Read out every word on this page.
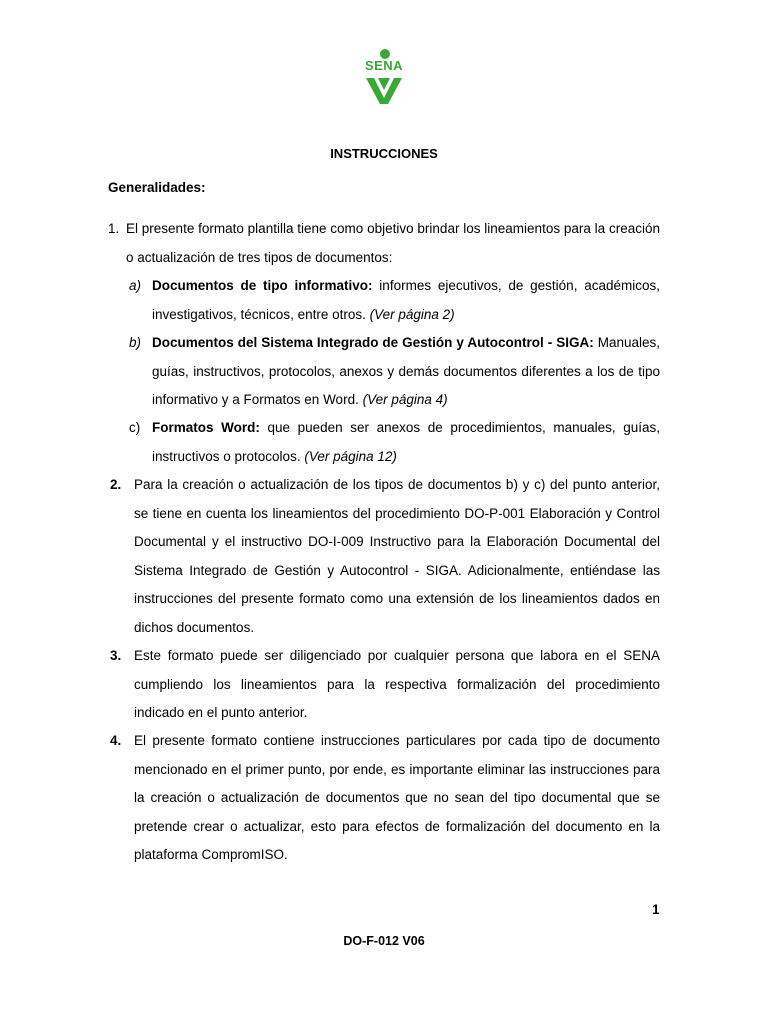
SENA
INSTRUCCIONES
Generalidades:
1. El presente formato plantilla tiene como objetivo brindar los lineamientos para la creación o actualización de tres tipos de documentos:
a) Documentos de tipo informativo: informes ejecutivos, de gestión, académicos, investigativos, técnicos, entre otros. (Ver página 2)
b) Documentos del Sistema Integrado de Gestión y Autocontrol - SIGA: Manuales, guías, instructivos, protocolos, anexos y demás documentos diferentes a los de tipo informativo y a Formatos en Word. (Ver página 4)
c) Formatos Word: que pueden ser anexos de procedimientos, manuales, guías, instructivos o protocolos. (Ver página 12)
2. Para la creación o actualización de los tipos de documentos b) y c) del punto anterior, se tiene en cuenta los lineamientos del procedimiento DO-P-001 Elaboración y Control Documental y el instructivo DO-I-009 Instructivo para la Elaboración Documental del Sistema Integrado de Gestión y Autocontrol - SIGA. Adicionalmente, entiéndase las instrucciones del presente formato como una extensión de los lineamientos dados en dichos documentos.
3. Este formato puede ser diligenciado por cualquier persona que labora en el SENA cumpliendo los lineamientos para la respectiva formalización del procedimiento indicado en el punto anterior.
4. El presente formato contiene instrucciones particulares por cada tipo de documento mencionado en el primer punto, por ende, es importante eliminar las instrucciones para la creación o actualización de documentos que no sean del tipo documental que se pretende crear o actualizar, esto para efectos de formalización del documento en la plataforma CompromISO.
1
DO-F-012 V06
